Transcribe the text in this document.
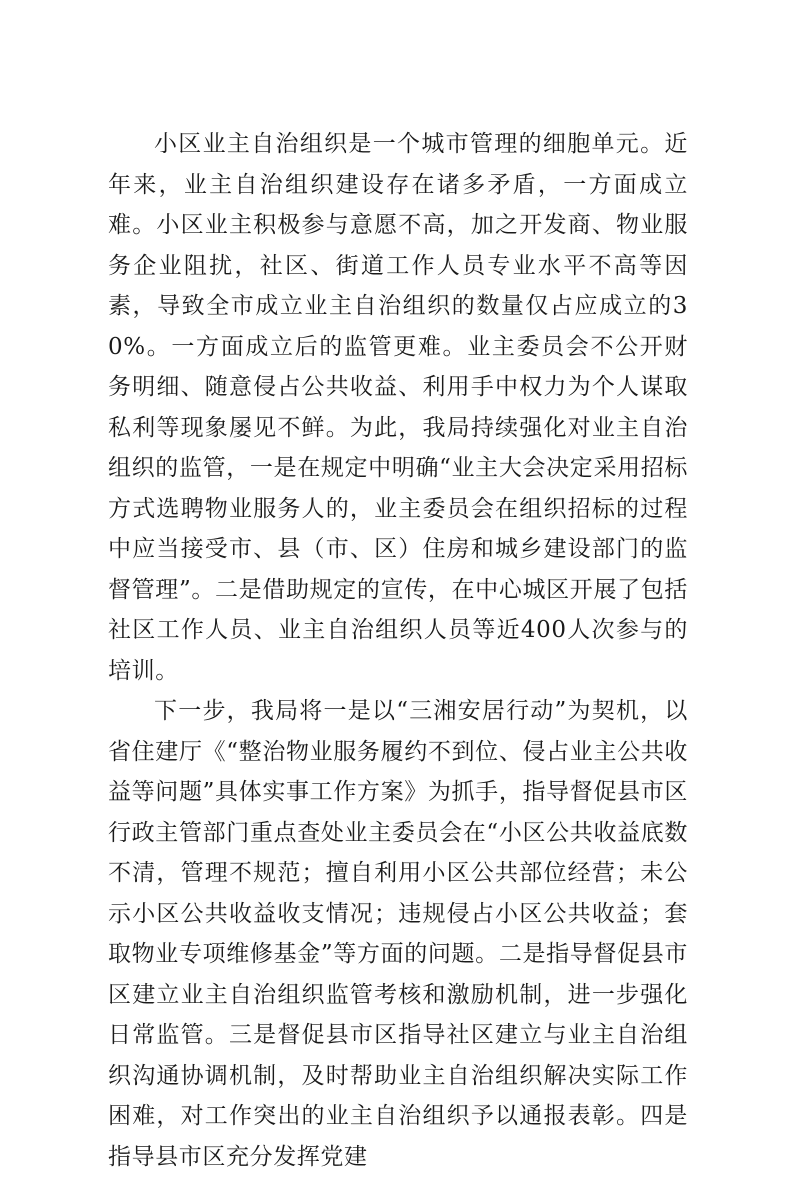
小区业主自治组织是一个城市管理的细胞单元。近年来，业主自治组织建设存在诸多矛盾，一方面成立难。小区业主积极参与意愿不高，加之开发商、物业服务企业阻扰，社区、街道工作人员专业水平不高等因素，导致全市成立业主自治组织的数量仅占应成立的30%。一方面成立后的监管更难。业主委员会不公开财务明细、随意侵占公共收益、利用手中权力为个人谋取私利等现象屡见不鲜。为此，我局持续强化对业主自治组织的监管，一是在规定中明确“业主大会决定采用招标方式选聘物业服务人的，业主委员会在组织招标的过程中应当接受市、县（市、区）住房和城乡建设部门的监督管理”。二是借助规定的宣传，在中心城区开展了包括社区工作人员、业主自治组织人员等近400人次参与的培训。

下一步，我局将一是以“三湘安居行动”为契机，以省住建厅《“整治物业服务履约不到位、侵占业主公共收益等问题”具体实事工作方案》为抓手，指导督促县市区行政主管部门重点查处业主委员会在“小区公共收益底数不清，管理不规范；擅自利用小区公共部位经营；未公示小区公共收益收支情况；违规侵占小区公共收益；套取物业专项维修基金”等方面的问题。二是指导督促县市区建立业主自治组织监管考核和激励机制，进一步强化日常监管。三是督促县市区指导社区建立与业主自治组织沟通协调机制，及时帮助业主自治组织解决实际工作困难，对工作突出的业主自治组织予以通报表彰。四是指导县市区充分发挥党建
